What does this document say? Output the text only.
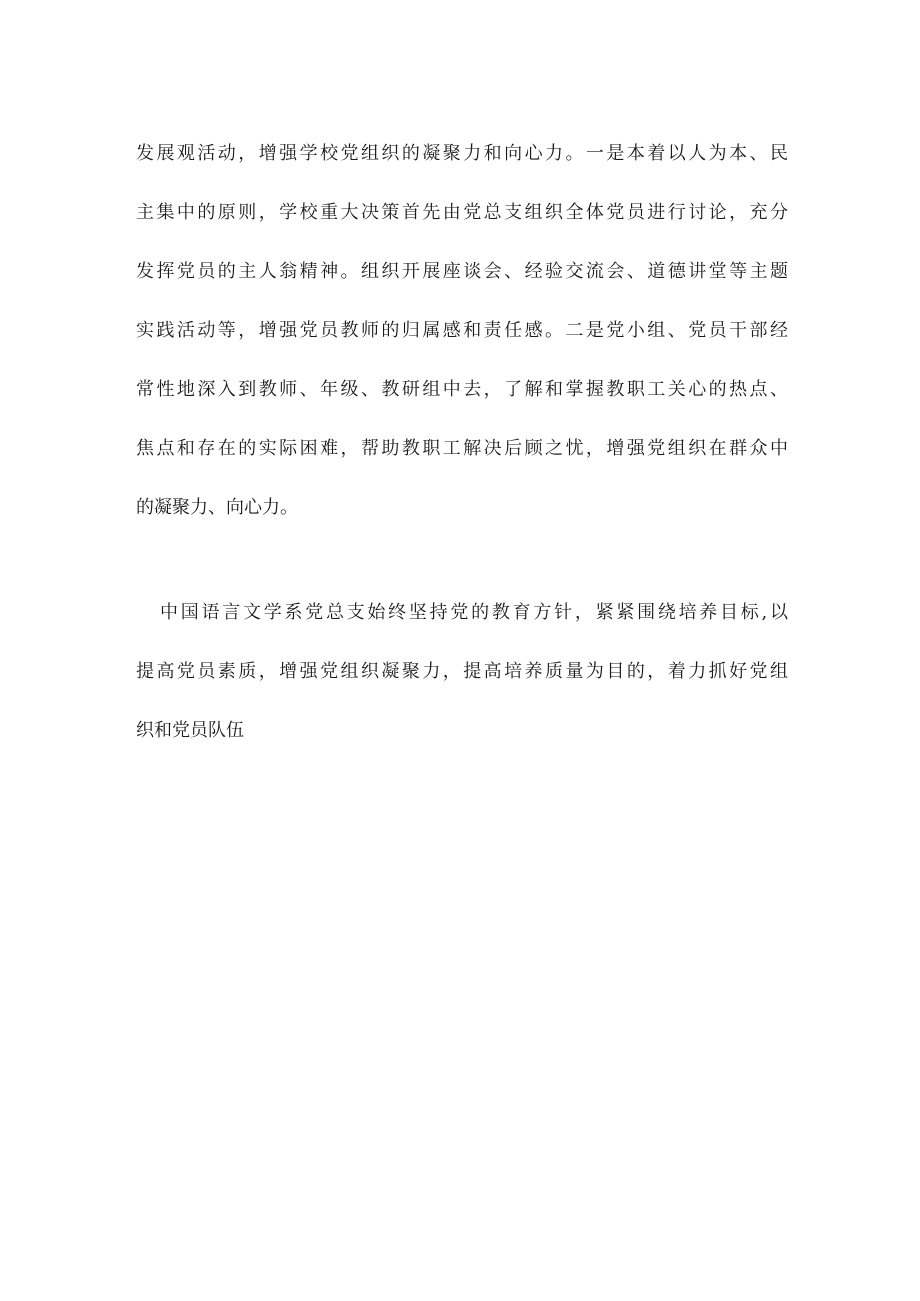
发展观活动，增强学校党组织的凝聚力和向心力。一是本着以人为本、民
主集中的原则，学校重大决策首先由党总支组织全体党员进行讨论，充分
发挥党员的主人翁精神。组织开展座谈会、经验交流会、道德讲堂等主题
实践活动等，增强党员教师的归属感和责任感。二是党小组、党员干部经
常性地深入到教师、年级、教研组中去，了解和掌握教职工关心的热点、
焦点和存在的实际困难，帮助教职工解决后顾之忧，增强党组织在群众中
的凝聚力、向心力。
中国语言文学系党总支始终坚持党的教育方针，紧紧围绕培养目标,以
提高党员素质，增强党组织凝聚力，提高培养质量为目的，着力抓好党组
织和党员队伍
